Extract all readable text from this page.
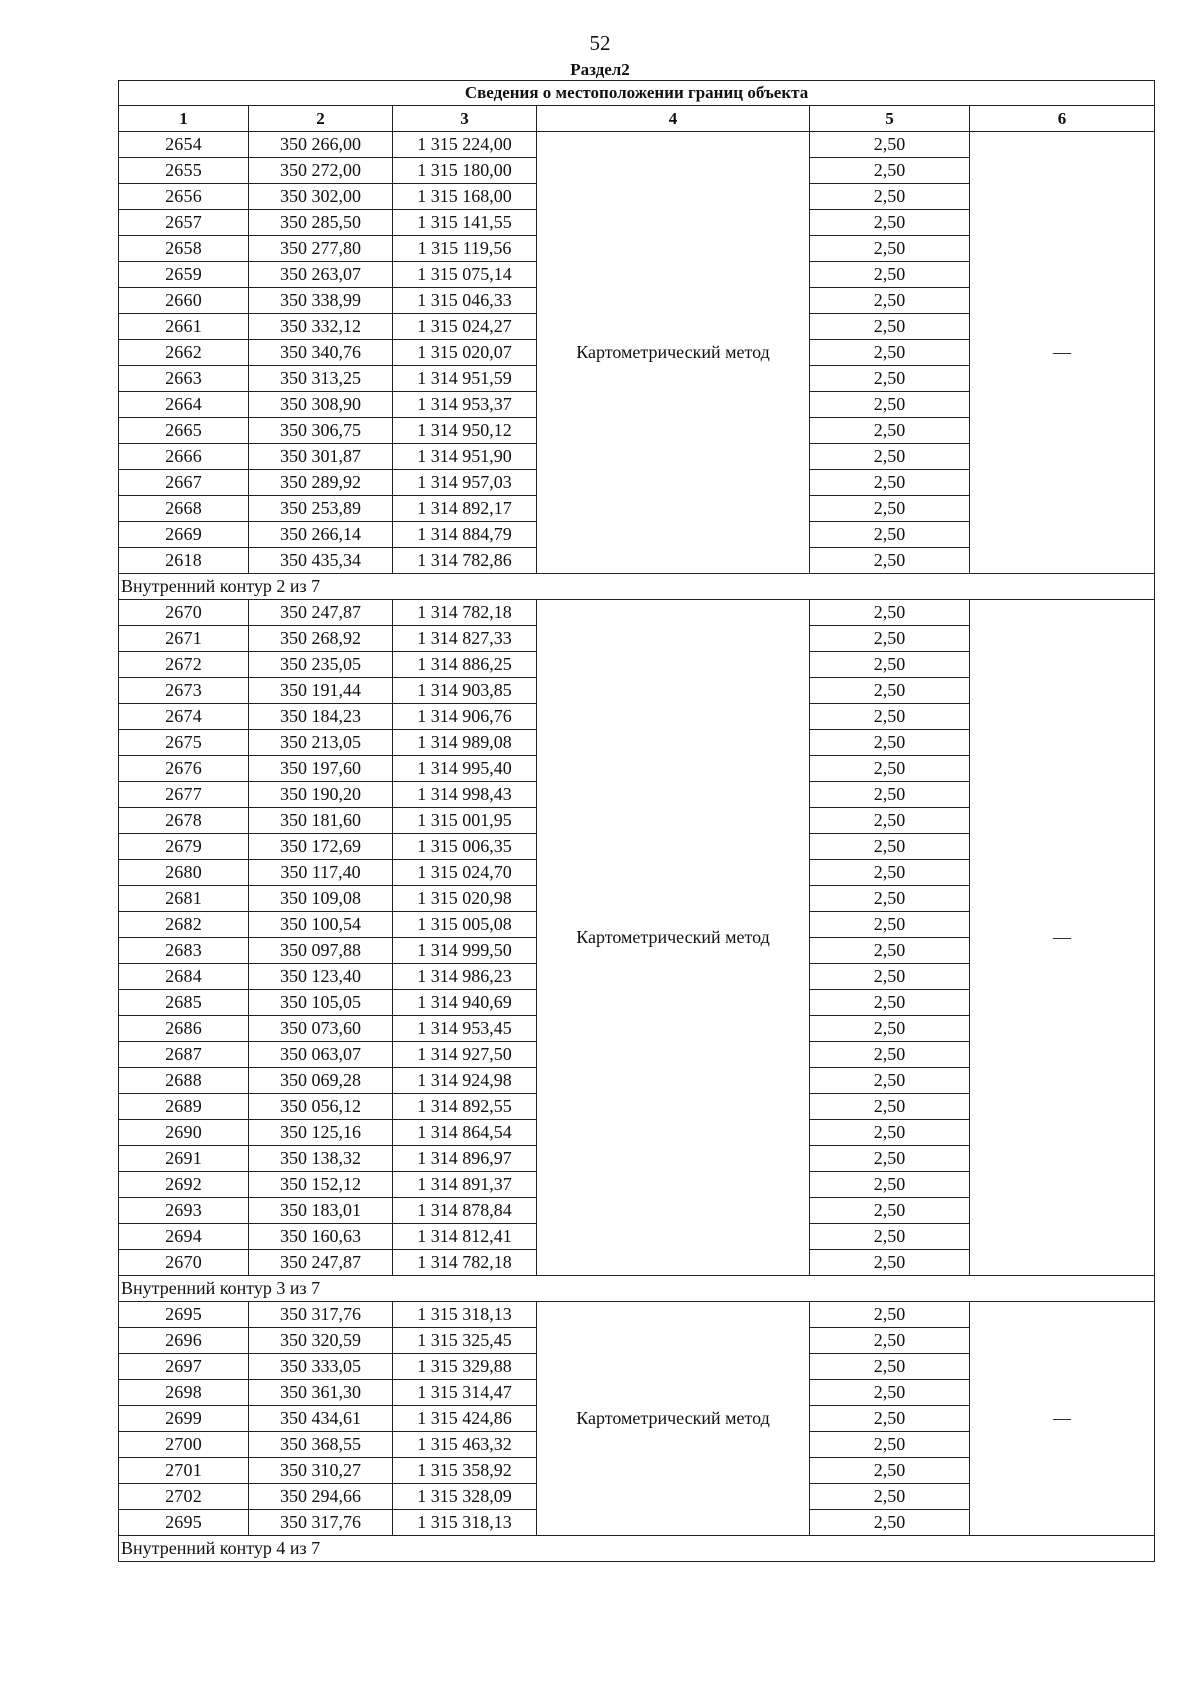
52
Раздел2
Сведения о местоположении границ объекта					
1	2	3	4	5	6
2654	350 266,00	1 315 224,00	Картометрический метод	2,50	—
2655	350 272,00	1 315 180,00		2,50	
2656	350 302,00	1 315 168,00		2,50	
2657	350 285,50	1 315 141,55		2,50	
2658	350 277,80	1 315 119,56		2,50	
2659	350 263,07	1 315 075,14		2,50	
2660	350 338,99	1 315 046,33		2,50	
2661	350 332,12	1 315 024,27		2,50	
2662	350 340,76	1 315 020,07		2,50	
2663	350 313,25	1 314 951,59		2,50	
2664	350 308,90	1 314 953,37		2,50	
2665	350 306,75	1 314 950,12		2,50	
2666	350 301,87	1 314 951,90		2,50	
2667	350 289,92	1 314 957,03		2,50	
2668	350 253,89	1 314 892,17		2,50	
2669	350 266,14	1 314 884,79		2,50	
2618	350 435,34	1 314 782,86		2,50	
Внутренний контур 2 из 7					
2670	350 247,87	1 314 782,18	Картометрический метод	2,50	—
2671	350 268,92	1 314 827,33		2,50	
2672	350 235,05	1 314 886,25		2,50	
2673	350 191,44	1 314 903,85		2,50	
2674	350 184,23	1 314 906,76		2,50	
2675	350 213,05	1 314 989,08		2,50	
2676	350 197,60	1 314 995,40		2,50	
2677	350 190,20	1 314 998,43		2,50	
2678	350 181,60	1 315 001,95		2,50	
2679	350 172,69	1 315 006,35		2,50	
2680	350 117,40	1 315 024,70		2,50	
2681	350 109,08	1 315 020,98		2,50	
2682	350 100,54	1 315 005,08		2,50	
2683	350 097,88	1 314 999,50		2,50	
2684	350 123,40	1 314 986,23		2,50	
2685	350 105,05	1 314 940,69		2,50	
2686	350 073,60	1 314 953,45		2,50	
2687	350 063,07	1 314 927,50		2,50	
2688	350 069,28	1 314 924,98		2,50	
2689	350 056,12	1 314 892,55		2,50	
2690	350 125,16	1 314 864,54		2,50	
2691	350 138,32	1 314 896,97		2,50	
2692	350 152,12	1 314 891,37		2,50	
2693	350 183,01	1 314 878,84		2,50	
2694	350 160,63	1 314 812,41		2,50	
2670	350 247,87	1 314 782,18		2,50	
Внутренний контур 3 из 7					
2695	350 317,76	1 315 318,13	Картометрический метод	2,50	—
2696	350 320,59	1 315 325,45		2,50	
2697	350 333,05	1 315 329,88		2,50	
2698	350 361,30	1 315 314,47		2,50	
2699	350 434,61	1 315 424,86		2,50	
2700	350 368,55	1 315 463,32		2,50	
2701	350 310,27	1 315 358,92		2,50	
2702	350 294,66	1 315 328,09		2,50	
2695	350 317,76	1 315 318,13		2,50	
Внутренний контур 4 из 7					
